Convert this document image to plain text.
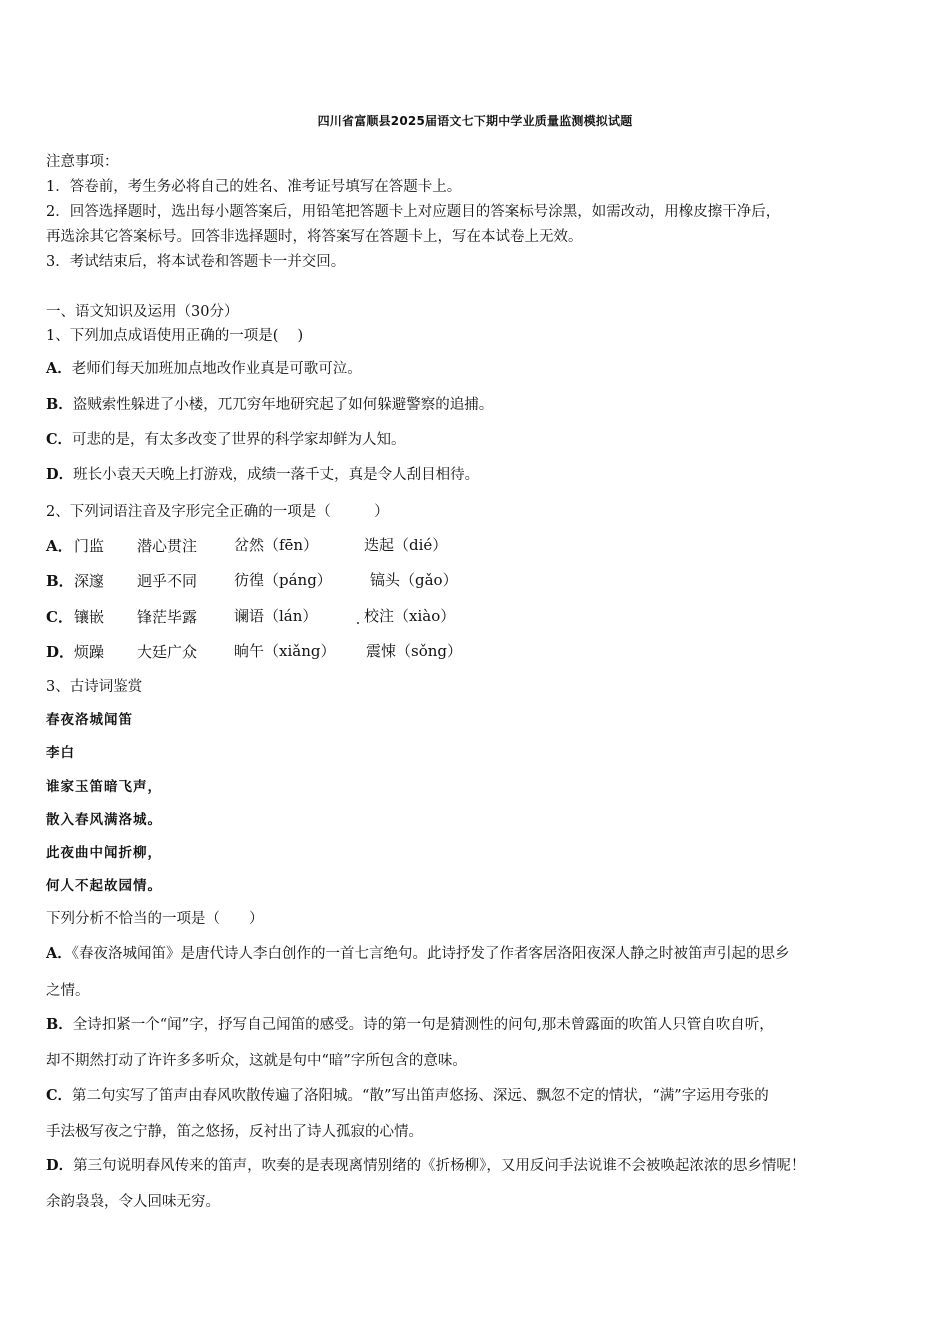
四川省富顺县2025届语文七下期中学业质量监测模拟试题
注意事项：
1．答卷前，考生务必将自己的姓名、准考证号填写在答题卡上。
2．回答选择题时，选出每小题答案后，用铅笔把答题卡上对应题目的答案标号涂黑，如需改动，用橡皮擦干净后，
再选涂其它答案标号。回答非选择题时，将答案写在答题卡上，写在本试卷上无效。
3．考试结束后，将本试卷和答题卡一并交回。
一、语文知识及运用（30分）
1、下列加点成语使用正确的一项是(　 )
A．老师们每天加班加点地改作业真是可歌可泣。
B．盗贼索性躲进了小楼，兀兀穷年地研究起了如何躲避警察的追捕。
C．可悲的是，有太多改变了世界的科学家却鲜为人知。
D．班长小袁天天晚上打游戏，成绩一落千丈，真是令人刮目相待。
2、下列词语注音及字形完全正确的一项是（　　　）
A． 门监 潜心贯注 岔然（fēn）	迭起（dié）
B． 深邃 迥乎不同 彷徨（páng）	镐头（gǎo）
C． 镶嵌 锋茫毕露 谰语（lán）	校注（xiào）
D． 烦躁 大廷广众 晌午（xiǎng） 震悚（sǒng）
3、古诗词鉴赏
春夜洛城闻笛
李白
谁家玉笛暗飞声，
散入春风满洛城。
此夜曲中闻折柳，
何人不起故园情。
下列分析不恰当的一项是（　　）
A．《春夜洛城闻笛》是唐代诗人李白创作的一首七言绝句。此诗抒发了作者客居洛阳夜深人静之时被笛声引起的思乡
之情。
B．全诗扣紧一个“闻”字，抒写自己闻笛的感受。诗的第一句是猜测性的问句,那未曾露面的吹笛人只管自吹自听，
却不期然打动了许许多多听众，这就是句中“暗”字所包含的意味。
C．第二句实写了笛声由春风吹散传遍了洛阳城。“散”写出笛声悠扬、深远、飘忽不定的情状，“满”字运用夸张的
手法极写夜之宁静，笛之悠扬，反衬出了诗人孤寂的心情。
D．第三句说明春风传来的笛声，吹奏的是表现离情别绪的《折杨柳》，又用反问手法说谁不会被唤起浓浓的思乡情呢！
余韵袅袅，令人回味无穷。
